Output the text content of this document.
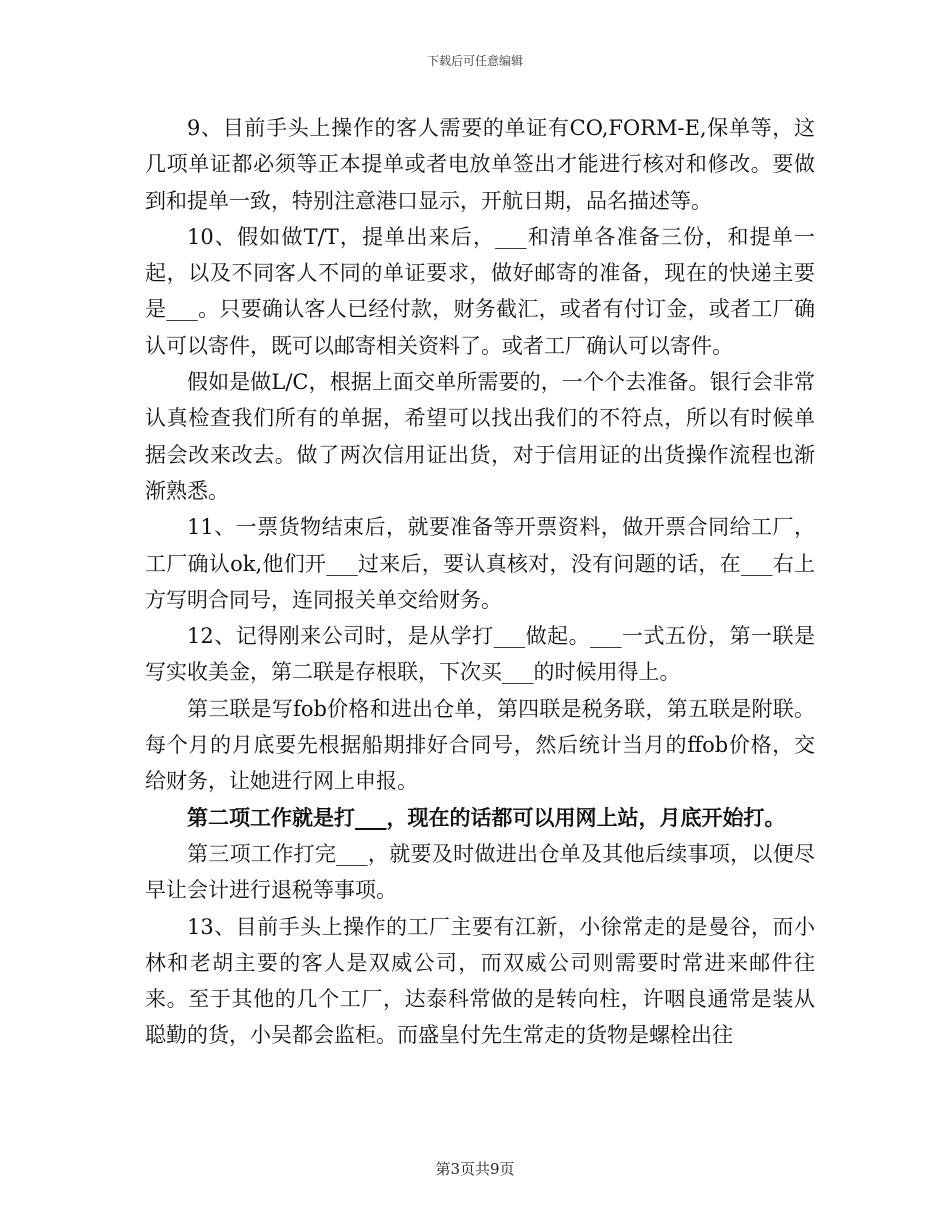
下载后可任意编辑

9、目前手头上操作的客人需要的单证有CO,FORM-E,保单等，这几项单证都必须等正本提单或者电放单签出才能进行核对和修改。要做到和提单一致，特别注意港口显示，开航日期，品名描述等。

10、假如做T/T，提单出来后，___和清单各准备三份，和提单一起，以及不同客人不同的单证要求，做好邮寄的准备，现在的快递主要是___。只要确认客人已经付款，财务截汇，或者有付订金，或者工厂确认可以寄件，既可以邮寄相关资料了。或者工厂确认可以寄件。

假如是做L/C，根据上面交单所需要的，一个个去准备。银行会非常认真检查我们所有的单据，希望可以找出我们的不符点，所以有时候单据会改来改去。做了两次信用证出货，对于信用证的出货操作流程也渐渐熟悉。

11、一票货物结束后，就要准备等开票资料，做开票合同给工厂，工厂确认ok,他们开___过来后，要认真核对，没有问题的话，在___右上方写明合同号，连同报关单交给财务。

12、记得刚来公司时，是从学打___做起。___一式五份，第一联是写实收美金，第二联是存根联，下次买___的时候用得上。

第三联是写fob价格和进出仓单，第四联是税务联，第五联是附联。每个月的月底要先根据船期排好合同号，然后统计当月的ffob价格，交给财务，让她进行网上申报。

第二项工作就是打___，现在的话都可以用网上站，月底开始打。

第三项工作打完___，就要及时做进出仓单及其他后续事项，以便尽早让会计进行退税等事项。

13、目前手头上操作的工厂主要有江新，小徐常走的是曼谷，而小林和老胡主要的客人是双威公司，而双威公司则需要时常进来邮件往来。至于其他的几个工厂，达泰科常做的是转向柱，许咽良通常是装从聪勤的货，小吴都会监柜。而盛皇付先生常走的货物是螺栓出往

第3页共9页
